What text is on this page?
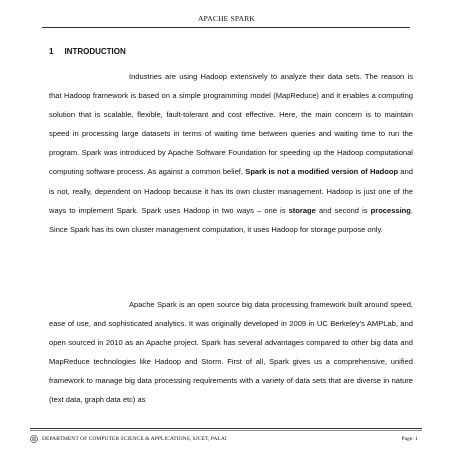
APACHE SPARK
1 INTRODUCTION

Industries are using Hadoop extensively to analyze their data sets. The reason is that Hadoop framework is based on a simple programming model (MapReduce) and it enables a computing solution that is scalable, flexible, fault-tolerant and cost effective. Here, the main concern is to maintain speed in processing large datasets in terms of waiting time between queries and waiting time to run the program. Spark was introduced by Apache Software Foundation for speeding up the Hadoop computational computing software process. As against a common belief, Spark is not a modified version of Hadoop and is not, really, dependent on Hadoop because it has its own cluster management. Hadoop is just one of the ways to implement Spark. Spark uses Hadoop in two ways – one is storage and second is processing. Since Spark has its own cluster management computation, it uses Hadoop for storage purpose only.

Apache Spark is an open source big data processing framework built around speed, ease of use, and sophisticated analytics. It was originally developed in 2009 in UC Berkeley's AMPLab, and open sourced in 2010 as an Apache project. Spark has several advantages compared to other big data and MapReduce technologies like Hadoop and Storm. First of all, Spark gives us a comprehensive, unified framework to manage big data processing requirements with a variety of data sets that are diverse in nature (text data, graph data etc) as

DEPARTMENT OF COMPUTER SCIENCE & APPLICATIONS, SJCET, PALAI	Page: 1
